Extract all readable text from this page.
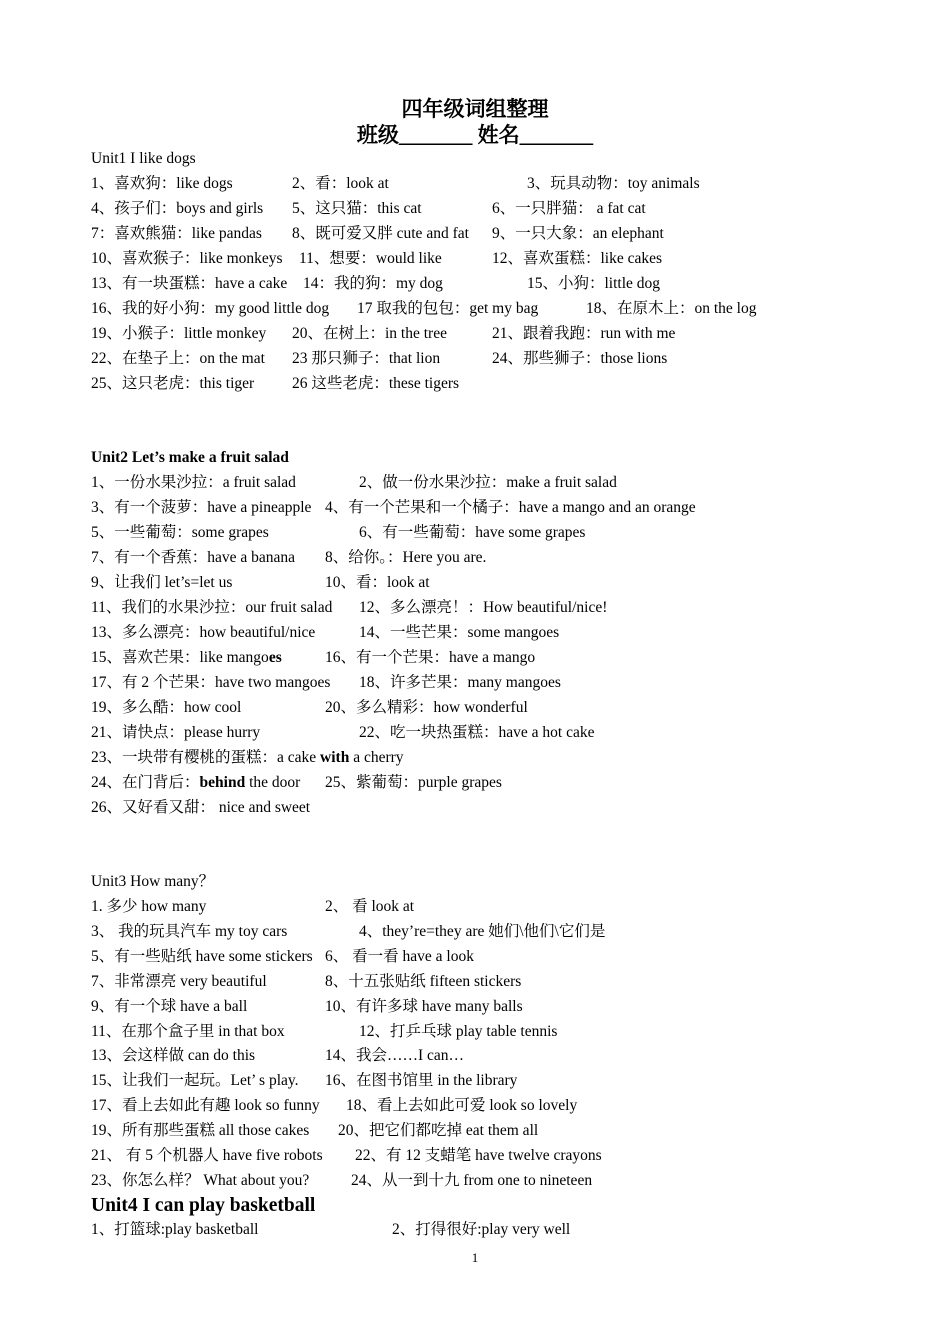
四年级词组整理
班级_______ 姓名_______
Unit1 I like dogs
1、喜欢狗：like dogs	2、看：look at	3、玩具动物：toy animals
4、孩子们：boys and girls 5、这只猫：this cat	6、一只胖猫： a fat cat
7：喜欢熊猫：like pandas 8、既可爱又胖 cute and fat 9、一只大象：an elephant
10、喜欢猴子：like monkeys 11、想要：would like	12、喜欢蛋糕：like cakes
13、有一块蛋糕：have a cake 14：我的狗：my dog	15、小狗：little dog
16、我的好小狗：my good little dog 17 取我的包包：get my bag	18、在原木上：on the log
19、小猴子：little monkey 20、在树上：in the tree	21、跟着我跑：run with me
22、在垫子上：on the mat 23 那只狮子：that lion	24、那些狮子：those lions
25、这只老虎：this tiger 26 这些老虎：these tigers
Unit2 Let’s make a fruit salad
1、一份水果沙拉：a fruit salad	2、做一份水果沙拉：make a fruit salad
3、有一个菠萝：have a pineapple 4、有一个芒果和一个橘子：have a mango and an orange
5、一些葡萄：some grapes	6、有一些葡萄：have some grapes
7、有一个香蕉：have a banana 8、给你。：Here you are.
9、让我们 let’s=let us	10、看：look at
11、我们的水果沙拉：our fruit salad 12、多么漂亮！：How beautiful/nice!
13、多么漂亮：how beautiful/nice	14、一些芒果：some mangoes
15、喜欢芒果：like mangoes	16、有一个芒果：have a mango
17、有 2 个芒果：have two mangoes 18、许多芒果：many mangoes
19、多么酷：how cool	20、多么精彩：how wonderful
21、请快点：please hurry	22、吃一块热蛋糕：have a hot cake
23、一块带有樱桃的蛋糕：a cake with a cherry
24、在门背后：behind the door 25、紫葡萄：purple grapes
26、又好看又甜： nice and sweet
Unit3 How many？
1. 多少 how many	2、 看 look at
3、 我的玩具汽车 my toy cars	4、they’re=they are 她们\他们\它们是
5、有一些贴纸 have some stickers 6、 看一看 have a look
7、非常漂亮 very beautiful	8、十五张贴纸 fifteen stickers
9、有一个球 have a ball	10、有许多球 have many balls
11、在那个盒子里 in that box	12、打乒乓球 play table tennis
13、会这样做 can do this	14、我会……I can…
15、让我们一起玩。Let’ s play. 16、在图书馆里 in the library
17、看上去如此有趣 look so funny 18、看上去如此可爱 look so lovely
19、所有那些蛋糕 all those cakes 20、把它们都吃掉 eat them all
21、 有 5 个机器人 have five robots 22、有 12 支蜡笔 have twelve crayons
23、你怎么样？ What about you?	24、从一到十九 from one to nineteen
Unit4 I can play basketball
1、打篮球:play basketball	2、打得很好:play very well
1
